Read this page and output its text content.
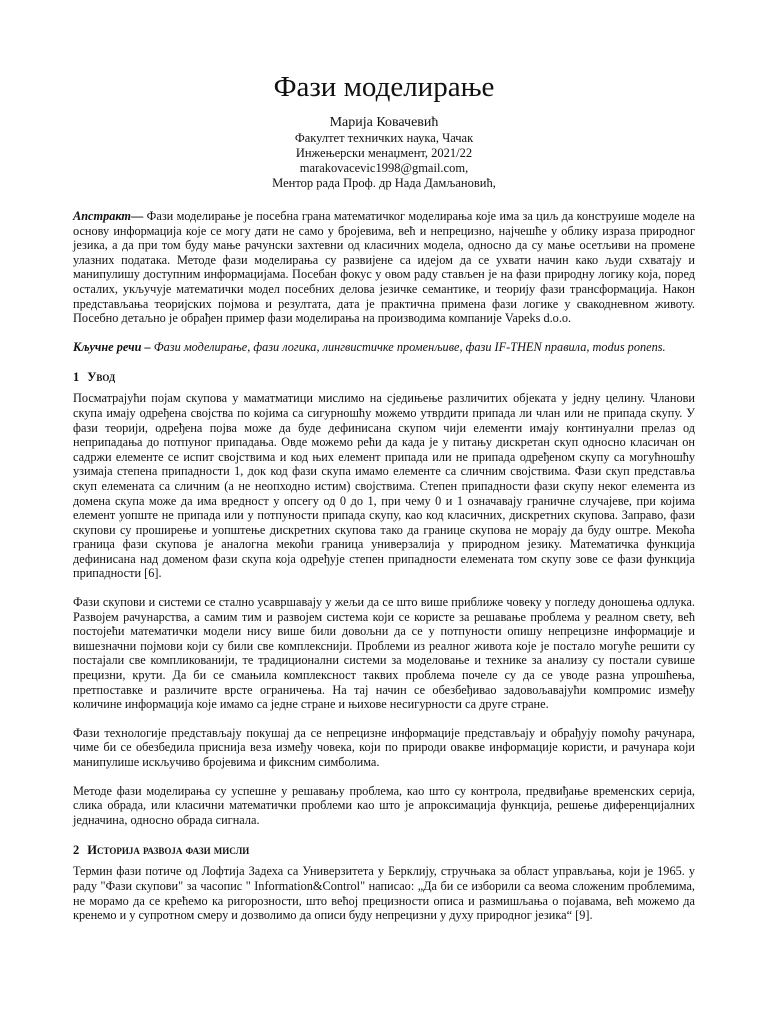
Фази моделирање
Марија Ковачевић
Факултет техничких наука, Чачак
Инжењерски менаџмент, 2021/22
marakovacevic1998@gmail.com,
Ментор рада Проф. др Нада Дамљановић,
Апстракт— Фази моделирање је посебна грана математичког моделирања које има за циљ да конструише моделе на основу информација које се могу дати не само у бројевима, већ и непрецизно, најчешће у облику израза природног језика, а да при том буду мање рачунски захтевни од класичних модела, односно да су мање осетљиви на промене улазних података. Методе фази моделирања су развијене са идејом да се ухвати начин како људи схватају и манипулишу доступним информацијама. Посебан фокус у овом раду стављен је на фази природну логику која, поред осталих, укључује математички модел посебних делова језичке семантике, и теорију фази трансформација. Након представљања теоријских појмова и резултата, дата је практична примена фази логике у свакодневном животу. Посебно детаљно је обрађен пример фази моделирања на производима компаније Vapeks d.o.o.
Кључне речи – Фази моделирање, фази логика, лингвистичке променљиве, фази IF-THEN правила, modus ponens.
1 Увод
Посматрајући појам скупова у маматматици мислимо на сједињење различитих објеката у једну целину. Чланови скупа имају одређена својства по којима са сигурношћу можемо утврдити припада ли члан или не припада скупу. У фази теорији, одређена појва може да буде дефинисана скупом чији елементи имају континуални прелаз од неприпадања до потпуног припадања. Овде можемо рећи да када је у питању дискретан скуп односно класичан он садржи елементе се испит својствима и код њих елемент припада или не припада одређеном скупу са могућношћу узимаја степена припадности 1, док код фази скупа имамо елементе са сличним својствима. Фази скуп представља скуп елемената са сличним (а не неопходно истим) својствима. Степен припадности фази скупу неког елемента из домена скупа може да има вредност у опсегу од 0 до 1, при чему 0 и 1 означавају граничне случајеве, при којима елемент уопште не припада или у потпуности припада скупу, као код класичних, дискретних скупова. Заправо, фази скупови су проширење и уопштење дискретних скупова тако да границе скупова не морају да буду оштре. Мекоћа граница фази скупова је аналогна мекоћи граница универзалија у природном језику. Математичка функција дефинисана над доменом фази скупа која одређује степен припадности елемената том скупу зове се фази функција припадности [6].
Фази скупови и системи се стално усавршавају у жељи да се што више приближе човеку у погледу доношења одлука. Развојем рачунарства, а самим тим и развојем система који се користе за решавање проблема у реалном свету, већ постојећи математички модели нису више били довољни да се у потпуности опишу непрецизне информације и вишезначни појмови који су били све комплекснији. Проблеми из реалног живота које је постало могуће решити су постајали све компликованији, те традиционални системи за моделовање и технике за анализу су постали сувише прецизни, крути. Да би се смањила комплексност таквих проблема почеле су да се уводе разна упрошћења, претпоставке и различите врсте ограничења. На тај начин се обезбеђивао задовољавајући компромис између количине информација које имамо са једне стране и њихове несигурности са друге стране.
Фази технологије представљају покушај да се непрецизне информације представљају и обрађују помоћу рачунара, чиме би се обезбедила приснија веза између човека, који по природи овакве информације користи, и рачунара који манипулише искључиво бројевима и фиксним симболима.
Методе фази моделирања су успешне у решавању проблема, као што су контрола, предвиђање временских серија, слика обрада, или класични математички проблеми као што је апроксимација функција, решење диференцијалних једначина, односно обрада сигнала.
2 Историја развоја фази мисли
Термин фази потиче од Лофтија Задеха са Универзитета у Берклију, стручњака за област управљања, који је 1965. у раду "Фази скупови" за часопис " Information&Control" написао: „Да би се изборили са веома сложеним проблемима, не морамо да се крећемо ка ригорозности, што већој прецизности описа и размишљања о појавама, већ можемо да кренемо и у супротном смеру и дозволимо да описи буду непрецизни у духу природног језика“ [9].
